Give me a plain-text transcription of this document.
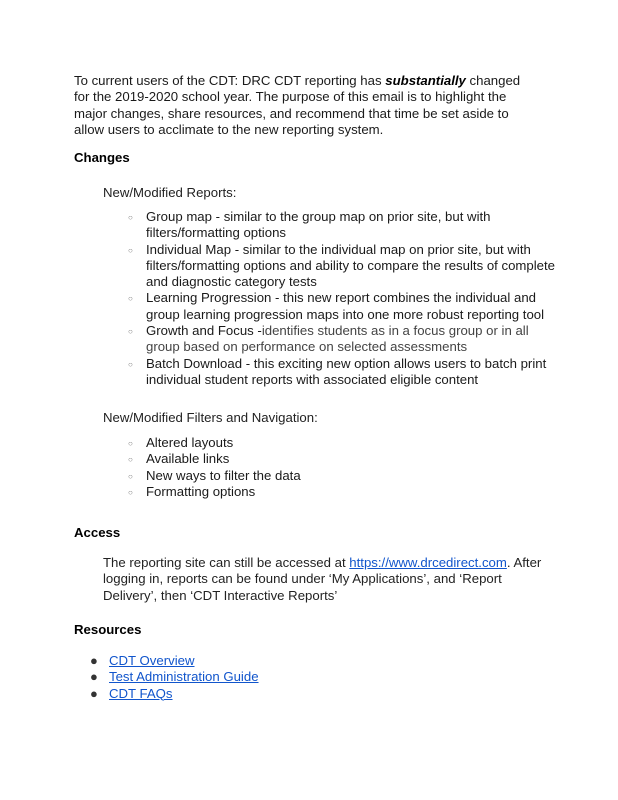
To current users of the CDT: DRC CDT reporting has substantially changed for the 2019-2020 school year. The purpose of this email is to highlight the major changes, share resources, and recommend that time be set aside to allow users to acclimate to the new reporting system.

Changes

New/Modified Reports:

○ Group map - similar to the group map on prior site, but with filters/formatting options
○ Individual Map - similar to the individual map on prior site, but with filters/formatting options and ability to compare the results of complete and diagnostic category tests
○ Learning Progression - this new report combines the individual and group learning progression maps into one more robust reporting tool
○ Growth and Focus -identifies students as in a focus group or in all group based on performance on selected assessments
○ Batch Download - this exciting new option allows users to batch print individual student reports with associated eligible content

New/Modified Filters and Navigation:

○ Altered layouts
○ Available links
○ New ways to filter the data
○ Formatting options
Access

The reporting site can still be accessed at https://www.drcedirect.com. After logging in, reports can be found under ‘My Applications’, and ‘Report Delivery’, then ‘CDT Interactive Reports’

Resources
● CDT Overview
● Test Administration Guide
● CDT FAQs
